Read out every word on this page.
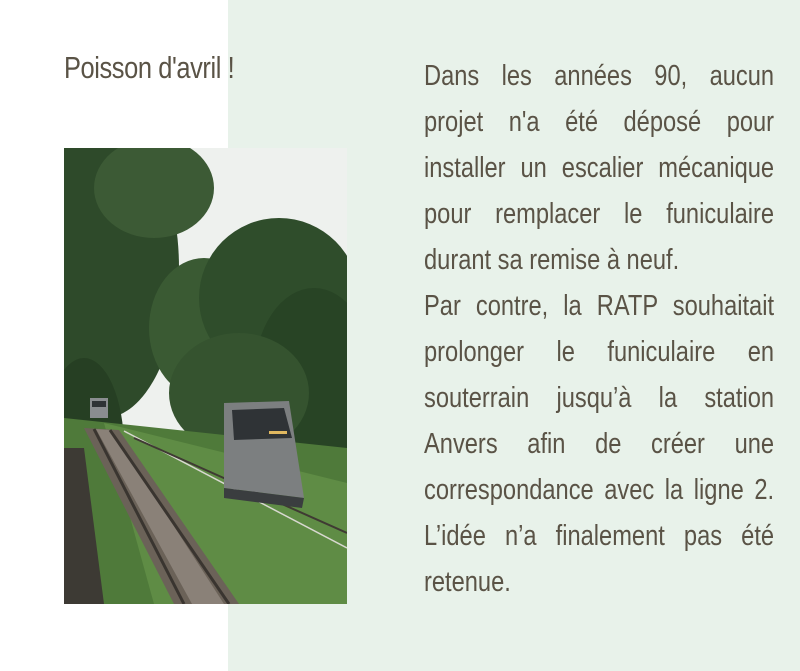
Poisson d'avril !	Dans les années 90, aucun projet n'a été déposé pour installer un escalier mécanique pour remplacer le funiculaire durant sa remise à neuf.

Par contre, la RATP souhaitait prolonger le funiculaire en souterrain jusqu’à la station Anvers afin de créer une correspondance avec la ligne 2. L’idée n’a finalement pas été retenue.
